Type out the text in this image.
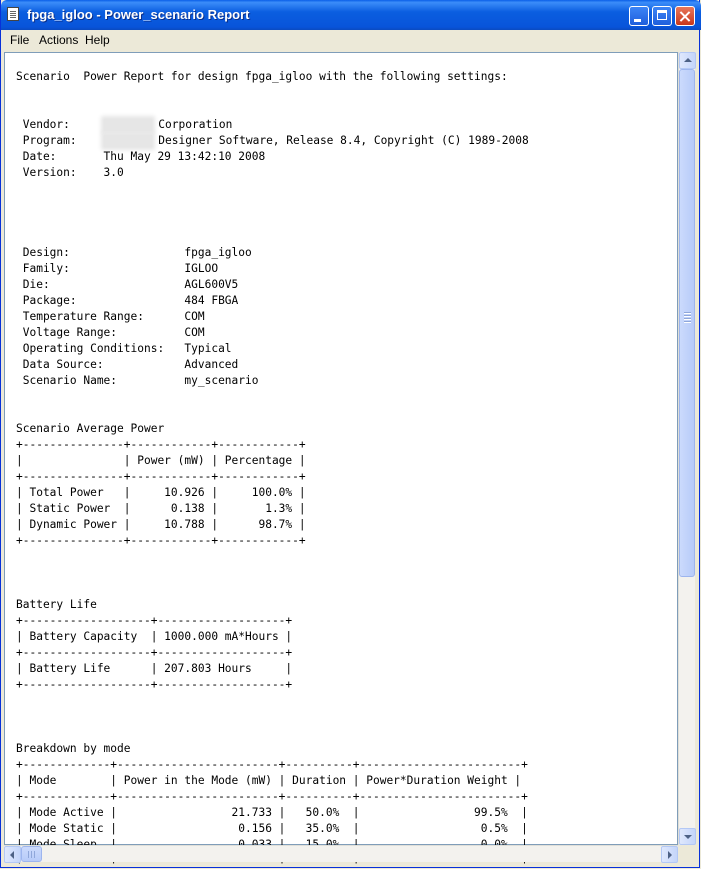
fpga_igloo - Power_scenario Report
File Actions Help
Scenario  Power Report for design fpga_igloo with the following settings:

Vendor:	Corporation
Program:	Designer Software, Release 8.4, Copyright (C) 1989-2008
Date:       Thu May 29 13:42:10 2008
Version:    3.0

Design:                 fpga_igloo
Family:                 IGLOO
Die:                    AGL600V5
Package:                484 FBGA
Temperature Range:      COM
Voltage Range:          COM
Operating Conditions:   Typical
Data Source:            Advanced
Scenario Name:          my_scenario

Scenario Average Power
+---------------+------------+------------+
|               | Power (mW) | Percentage |
+---------------+------------+------------+
| Total Power   |     10.926 |     100.0% |
| Static Power  |      0.138 |       1.3% |
| Dynamic Power |     10.788 |      98.7% |
+---------------+------------+------------+

Battery Life
+-------------------+-------------------+
| Battery Capacity  | 1000.000 mA*Hours |
+-------------------+-------------------+
| Battery Life      | 207.803 Hours     |
+-------------------+-------------------+

Breakdown by mode
+-------------+------------------------+----------+------------------------+
| Mode        | Power in the Mode (mW) | Duration | Power*Duration Weight |
+-------------+------------------------+----------+------------------------+
| Mode Active |                 21.733 |   50.0%  |                 99.5%  |
| Mode Static |                  0.156 |   35.0%  |                  0.5%  |
